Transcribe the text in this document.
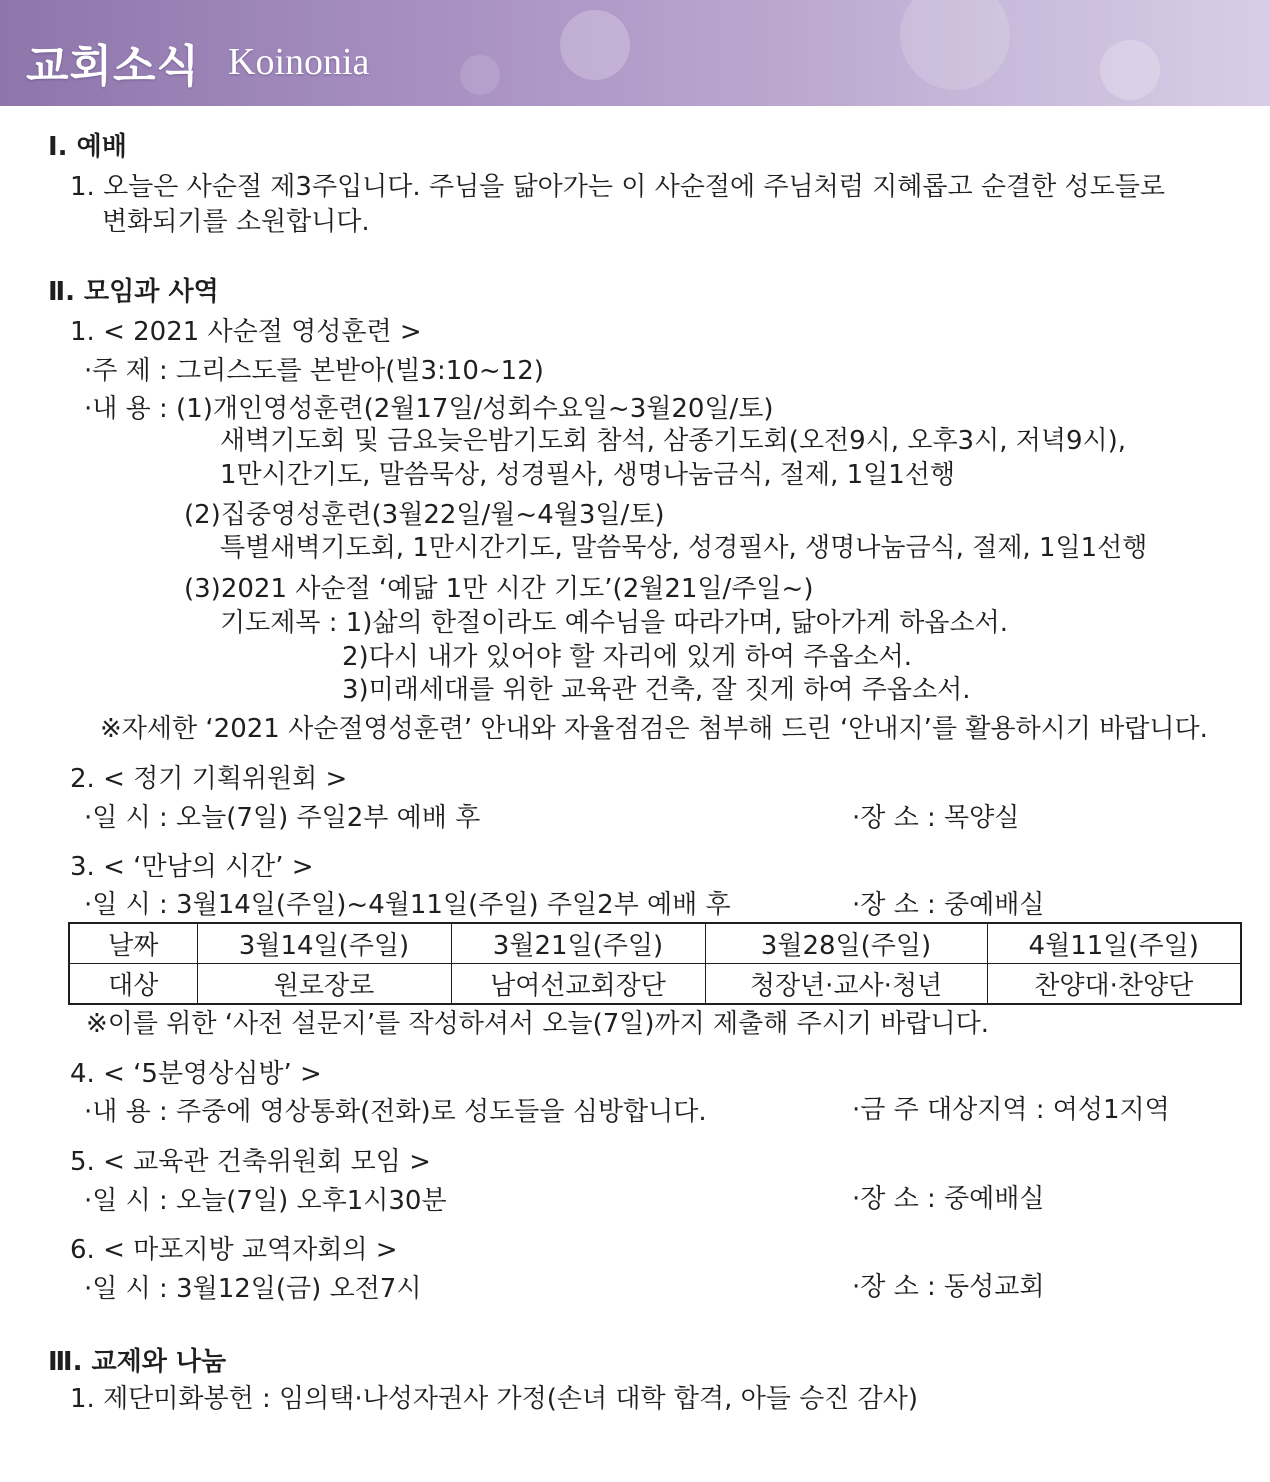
교회소식 Koinonia
Ⅰ. 예배
1. 오늘은 사순절 제3주입니다. 주님을 닮아가는 이 사순절에 주님처럼 지혜롭고 순결한 성도들로
변화되기를 소원합니다.
Ⅱ. 모임과 사역
1. < 2021 사순절 영성훈련 >
·주 제 : 그리스도를 본받아(빌3:10~12)
·내 용 : (1)개인영성훈련(2월17일/성회수요일~3월20일/토)
새벽기도회 및 금요늦은밤기도회 참석, 삼종기도회(오전9시, 오후3시, 저녁9시),
1만시간기도, 말씀묵상, 성경필사, 생명나눔금식, 절제, 1일1선행
(2)집중영성훈련(3월22일/월~4월3일/토)
특별새벽기도회, 1만시간기도, 말씀묵상, 성경필사, 생명나눔금식, 절제, 1일1선행
(3)2021 사순절 ‘예닮 1만 시간 기도’(2월21일/주일~)
기도제목 : 1)삶의 한절이라도 예수님을 따라가며, 닮아가게 하옵소서.
2)다시 내가 있어야 할 자리에 있게 하여 주옵소서.
3)미래세대를 위한 교육관 건축, 잘 짓게 하여 주옵소서.
※자세한 ‘2021 사순절영성훈련’ 안내와 자율점검은 첨부해 드린 ‘안내지’를 활용하시기 바랍니다.
2. < 정기 기획위원회 >
·일 시 : 오늘(7일) 주일2부 예배 후	·장 소 : 목양실
3. < ‘만남의 시간’ >
·일 시 : 3월14일(주일)~4월11일(주일) 주일2부 예배 후	·장 소 : 중예배실
날짜	3월14일(주일)	3월21일(주일)	3월28일(주일)	4월11일(주일)
대상	원로장로	남여선교회장단	청장년·교사·청년	찬양대·찬양단
※이를 위한 ‘사전 설문지’를 작성하셔서 오늘(7일)까지 제출해 주시기 바랍니다.
4. < ‘5분영상심방’ >
·내 용 : 주중에 영상통화(전화)로 성도들을 심방합니다.	·금 주 대상지역 : 여성1지역
5. < 교육관 건축위원회 모임 >
·일 시 : 오늘(7일) 오후1시30분	·장 소 : 중예배실
6. < 마포지방 교역자회의 >
·일 시 : 3월12일(금) 오전7시	·장 소 : 동성교회
Ⅲ. 교제와 나눔
1. 제단미화봉헌 : 임의택·나성자권사 가정(손녀 대학 합격, 아들 승진 감사)
